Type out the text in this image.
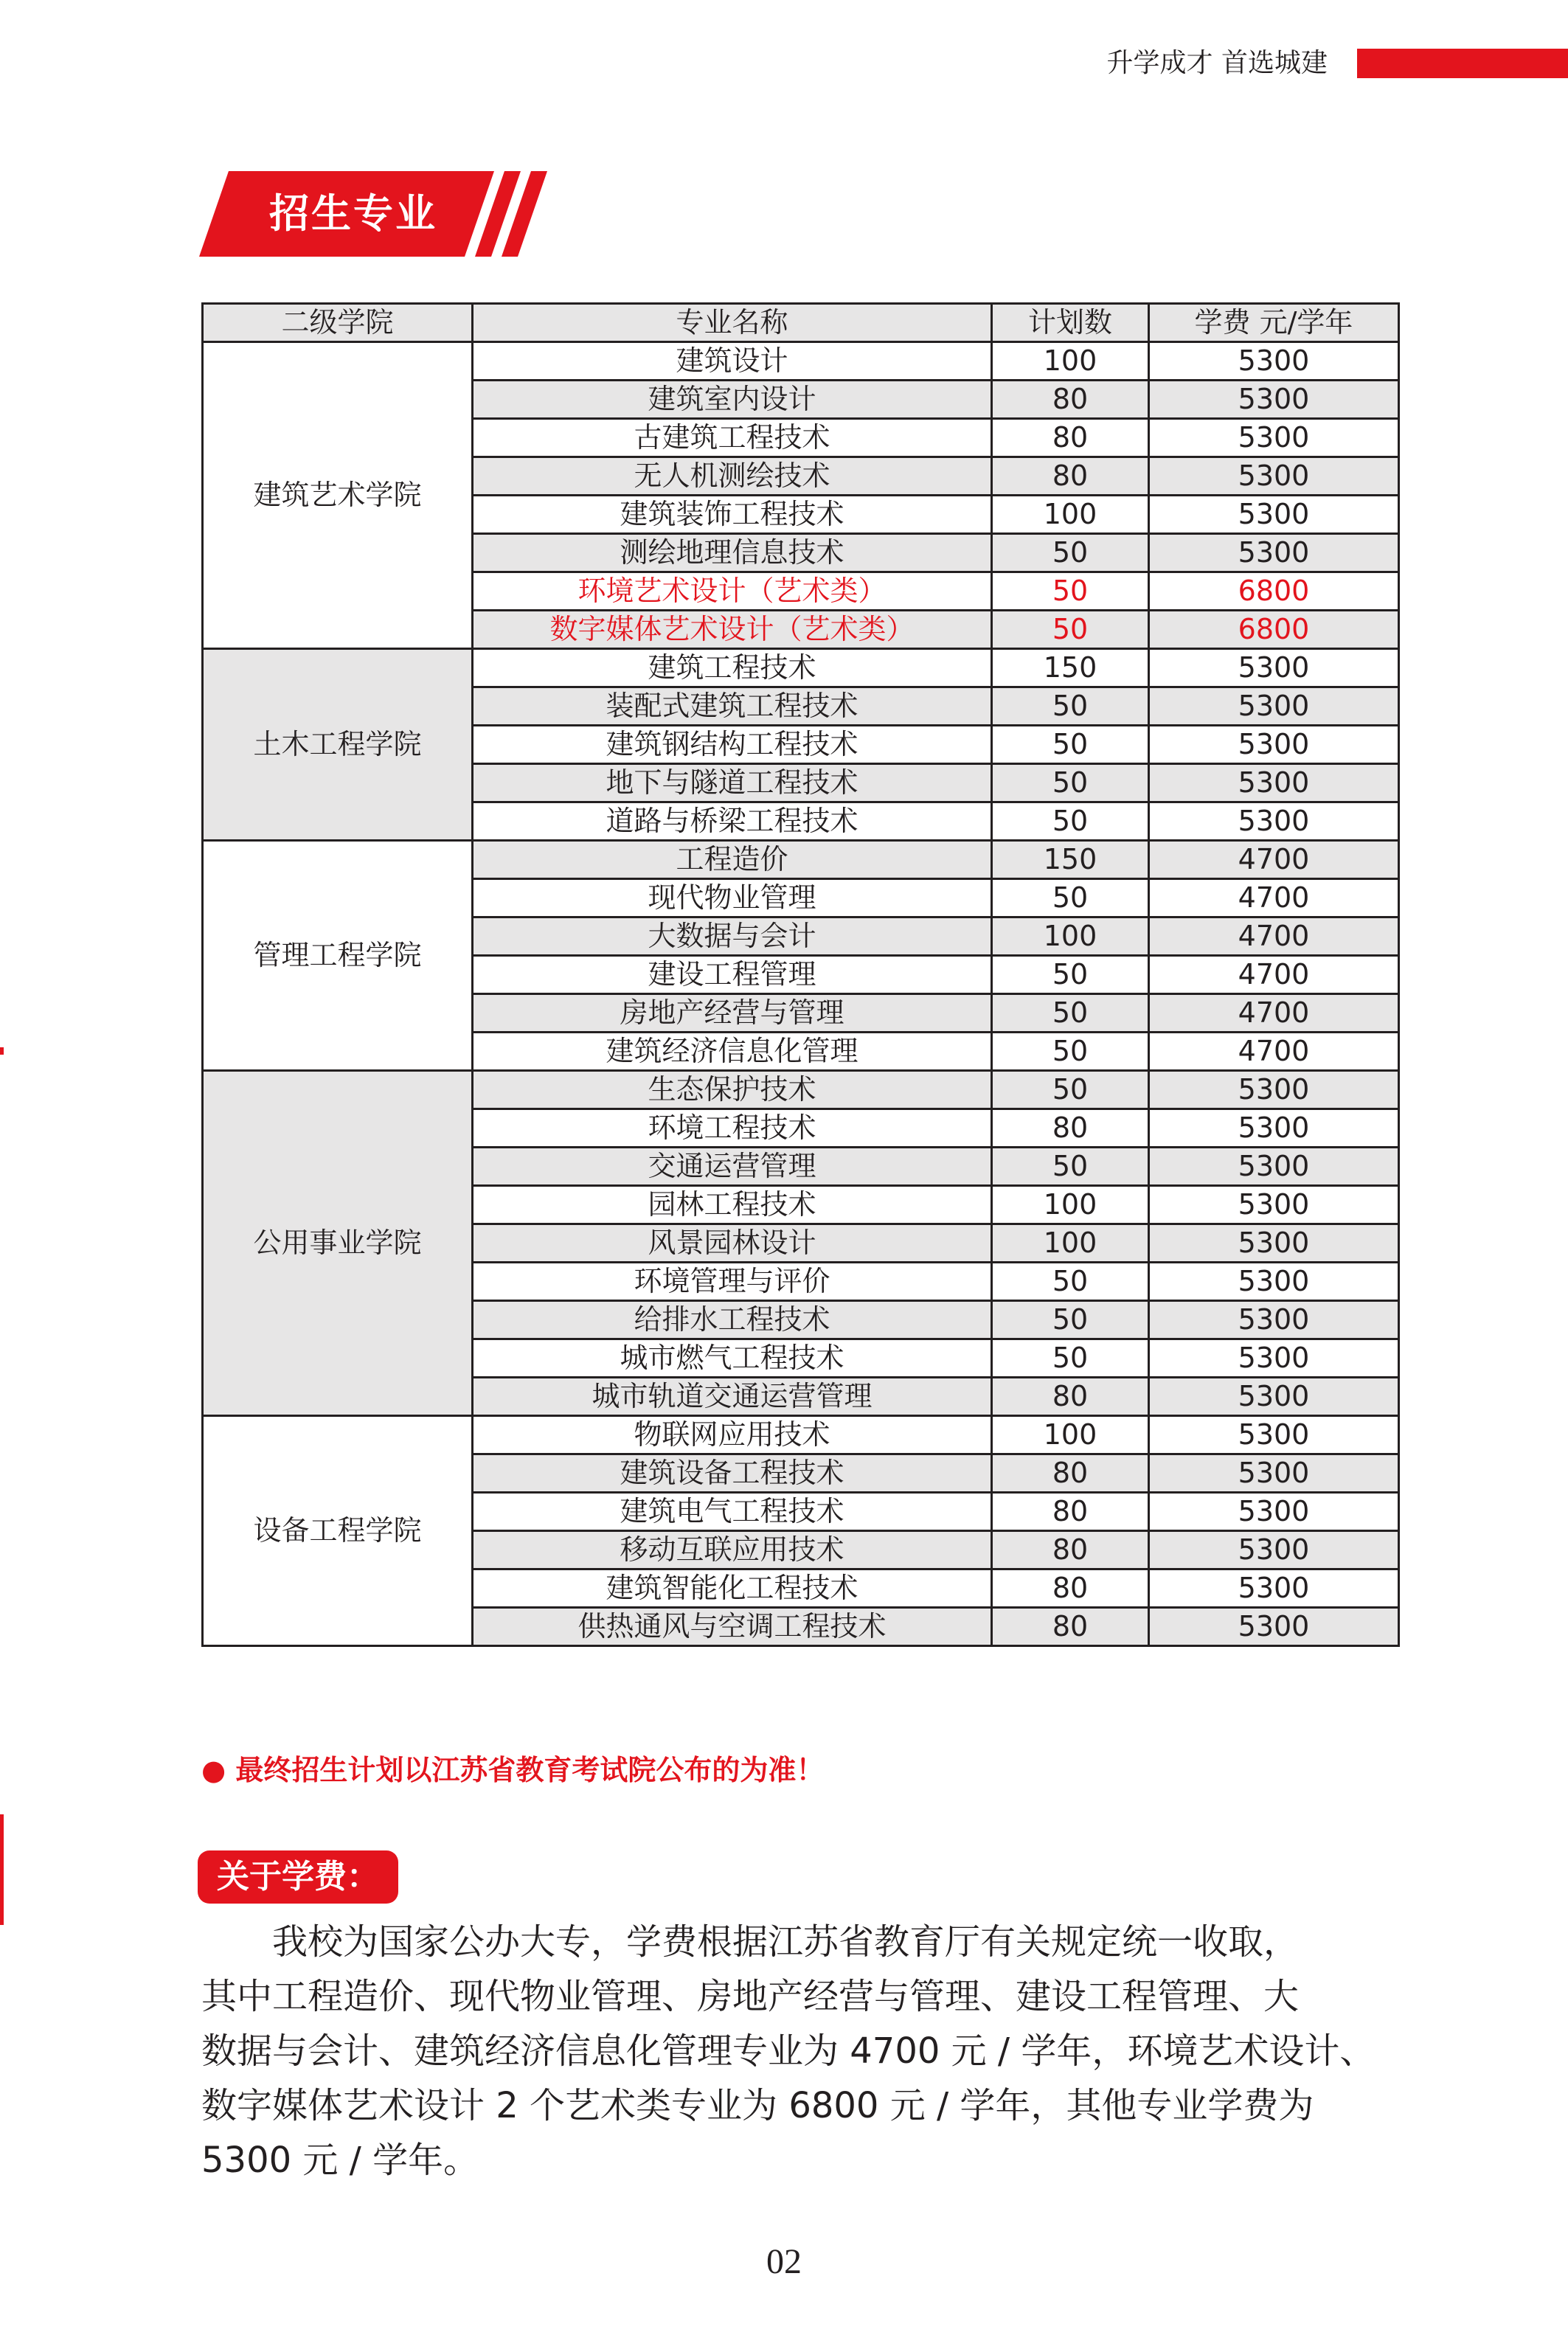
升学成才 首选城建
招生专业
二级学院	专业名称	计划数	学费 元/学年
建筑艺术学院	建筑设计	100	5300
	建筑室内设计	80	5300
	古建筑工程技术	80	5300
	无人机测绘技术	80	5300
	建筑装饰工程技术	100	5300
	测绘地理信息技术	50	5300
	环境艺术设计（艺术类）	50	6800
	数字媒体艺术设计（艺术类）	50	6800
土木工程学院	建筑工程技术	150	5300
	装配式建筑工程技术	50	5300
	建筑钢结构工程技术	50	5300
	地下与隧道工程技术	50	5300
	道路与桥梁工程技术	50	5300
管理工程学院	工程造价	150	4700
	现代物业管理	50	4700
	大数据与会计	100	4700
	建设工程管理	50	4700
	房地产经营与管理	50	4700
	建筑经济信息化管理	50	4700
公用事业学院	生态保护技术	50	5300
	环境工程技术	80	5300
	交通运营管理	50	5300
	园林工程技术	100	5300
	风景园林设计	100	5300
	环境管理与评价	50	5300
	给排水工程技术	50	5300
	城市燃气工程技术	50	5300
	城市轨道交通运营管理	80	5300
设备工程学院	物联网应用技术	100	5300
	建筑设备工程技术	80	5300
	建筑电气工程技术	80	5300
	移动互联应用技术	80	5300
	建筑智能化工程技术	80	5300
	供热通风与空调工程技术	80	5300
● 最终招生计划以江苏省教育考试院公布的为准！
关于学费：

我校为国家公办大专，学费根据江苏省教育厅有关规定统一收取，

其中工程造价、现代物业管理、房地产经营与管理、建设工程管理、大

数据与会计、建筑经济信息化管理专业为 4700 元 / 学年，环境艺术设计、

数字媒体艺术设计 2 个艺术类专业为 6800 元 / 学年，其他专业学费为

5300 元 / 学年。

02
